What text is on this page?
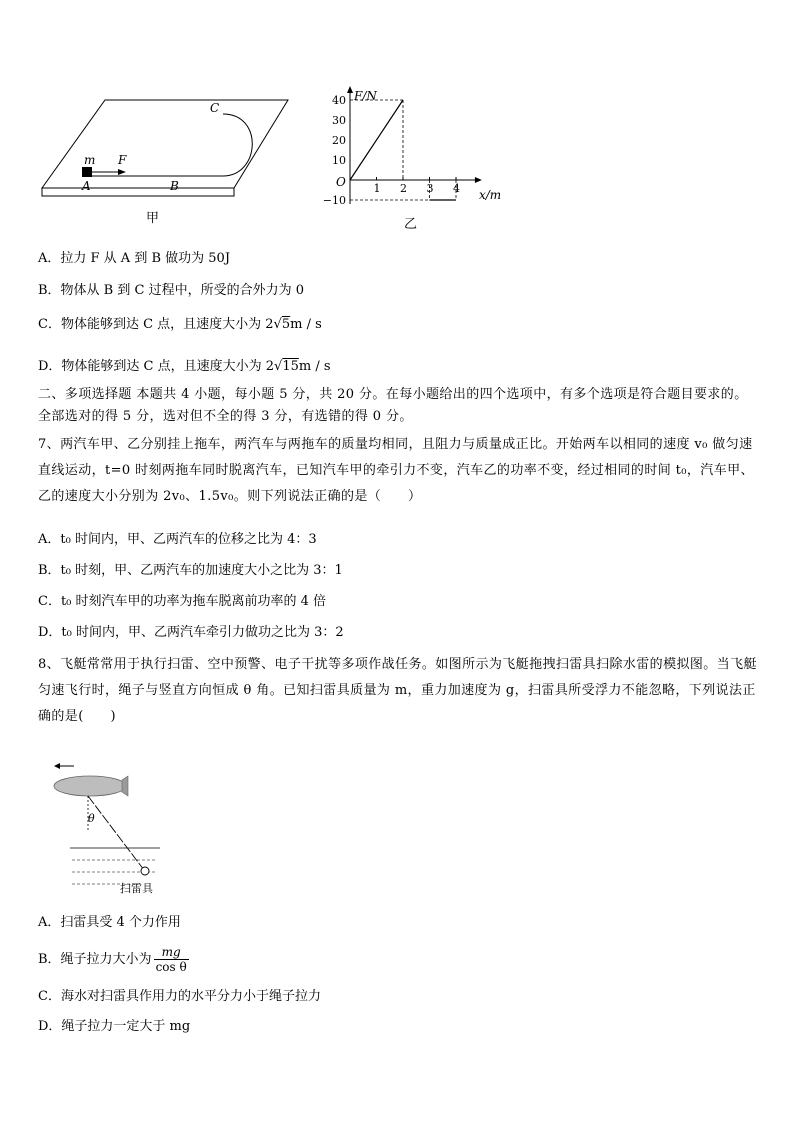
m F
A	B
C
甲
40
30
20
10
−10
1 2 3 4
F/N
x/m
O
乙
A．拉力 F 从 A 到 B 做功为 50J
B．物体从 B 到 C 过程中，所受的合外力为 0
C．物体能够到达 C 点，且速度大小为 2√5m / s
D．物体能够到达 C 点，且速度大小为 2√15m / s
二、多项选择题 本题共 4 小题，每小题 5 分，共 20 分。在每小题给出的四个选项中，有多个选项是符合题目要求的。全部选对的得 5 分，选对但不全的得 3 分，有选错的得 0 分。
7、两汽车甲、乙分别挂上拖车，两汽车与两拖车的质量均相同，且阻力与质量成正比。开始两车以相同的速度 v₀ 做匀速直线运动，t=0 时刻两拖车同时脱离汽车，已知汽车甲的牵引力不变，汽车乙的功率不变，经过相同的时间 t₀，汽车甲、乙的速度大小分别为 2v₀、1.5v₀。则下列说法正确的是（　　）
A．t₀ 时间内，甲、乙两汽车的位移之比为 4：3
B．t₀ 时刻，甲、乙两汽车的加速度大小之比为 3：1
C．t₀ 时刻汽车甲的功率为拖车脱离前功率的 4 倍
D．t₀ 时间内，甲、乙两汽车牵引力做功之比为 3：2
8、飞艇常常用于执行扫雷、空中预警、电子干扰等多项作战任务。如图所示为飞艇拖拽扫雷具扫除水雷的模拟图。当飞艇匀速飞行时，绳子与竖直方向恒成 θ 角。已知扫雷具质量为 m，重力加速度为 g，扫雷具所受浮力不能忽略，下列说法正确的是(　　)
θ
扫雷具
A．扫雷具受 4 个力作用
B．绳子拉力大小为 $\frac{mg}{\text{cos θ}}$
C．海水对扫雷具作用力的水平分力小于绳子拉力
D．绳子拉力一定大于 mg
